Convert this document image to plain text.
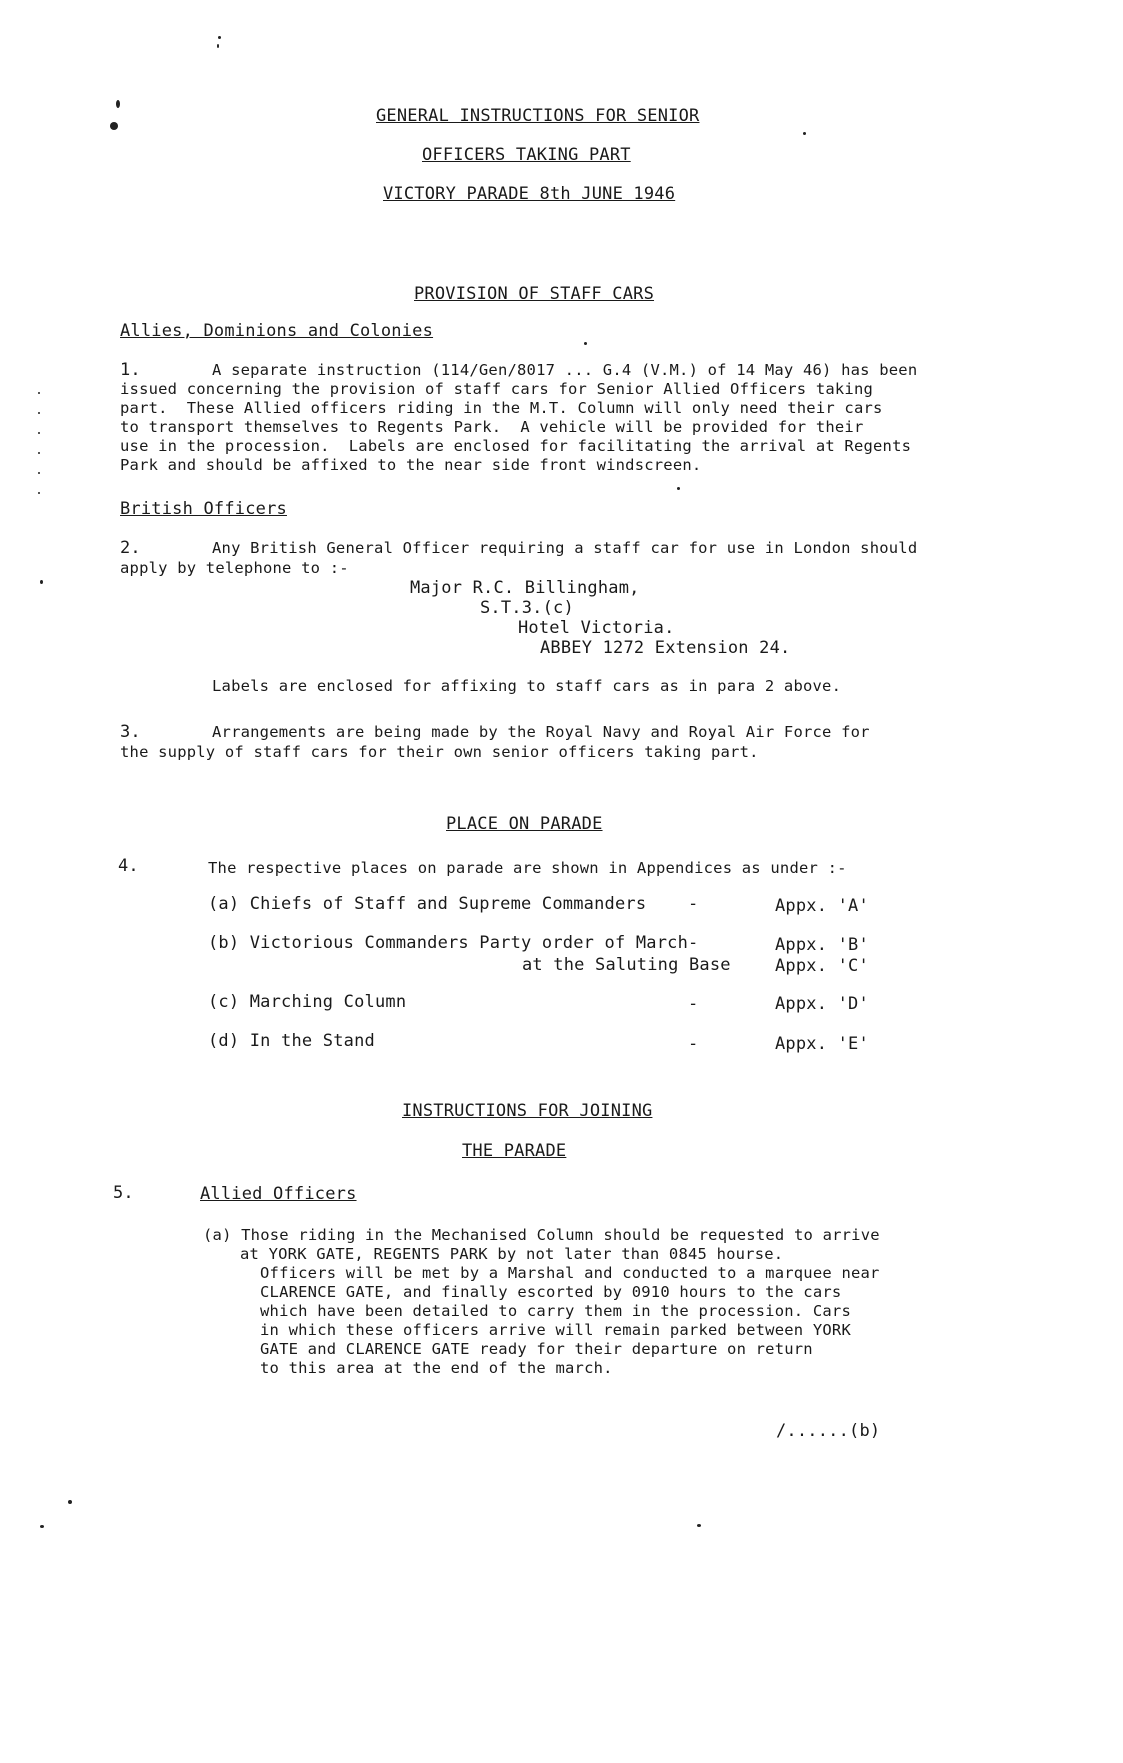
GENERAL INSTRUCTIONS FOR SENIOR
OFFICERS TAKING PART
VICTORY PARADE 8th JUNE 1946
PROVISION OF STAFF CARS
Allies, Dominions and Colonies
1.	A separate instruction (114/Gen/8017 ... G.4 (V.M.) of 14 May 46) has been
issued concerning the provision of staff cars for Senior Allied Officers taking
part.  These Allied officers riding in the M.T. Column will only need their cars
to transport themselves to Regents Park.  A vehicle will be provided for their
use in the procession.  Labels are enclosed for facilitating the arrival at Regents
Park and should be affixed to the near side front windscreen.
British Officers
2.	Any British General Officer requiring a staff car for use in London should
apply by telephone to :-
Major R.C. Billingham,
S.T.3.(c)
Hotel Victoria.
ABBEY 1272 Extension 24.
Labels are enclosed for affixing to staff cars as in para 2 above.
3.	Arrangements are being made by the Royal Navy and Royal Air Force for
the supply of staff cars for their own senior officers taking part.
PLACE ON PARADE
4.	The respective places on parade are shown in Appendices as under :-
(a) Chiefs of Staff and Supreme Commanders -	Appx. 'A'
(b) Victorious Commanders Party order of March -	Appx. 'B'
at the Saluting Base	Appx. 'C'
(c) Marching Column	-	Appx. 'D'
(d) In the Stand	-	Appx. 'E'
INSTRUCTIONS FOR JOINING
THE PARADE
5.	Allied Officers
(a) Those riding in the Mechanised Column should be requested to arrive
at YORK GATE, REGENTS PARK by not later than 0845 hourse.
Officers will be met by a Marshal and conducted to a marquee near
CLARENCE GATE, and finally escorted by 0910 hours to the cars
which have been detailed to carry them in the procession. Cars
in which these officers arrive will remain parked between YORK
GATE and CLARENCE GATE ready for their departure on return
to this area at the end of the march.
/......(b)
